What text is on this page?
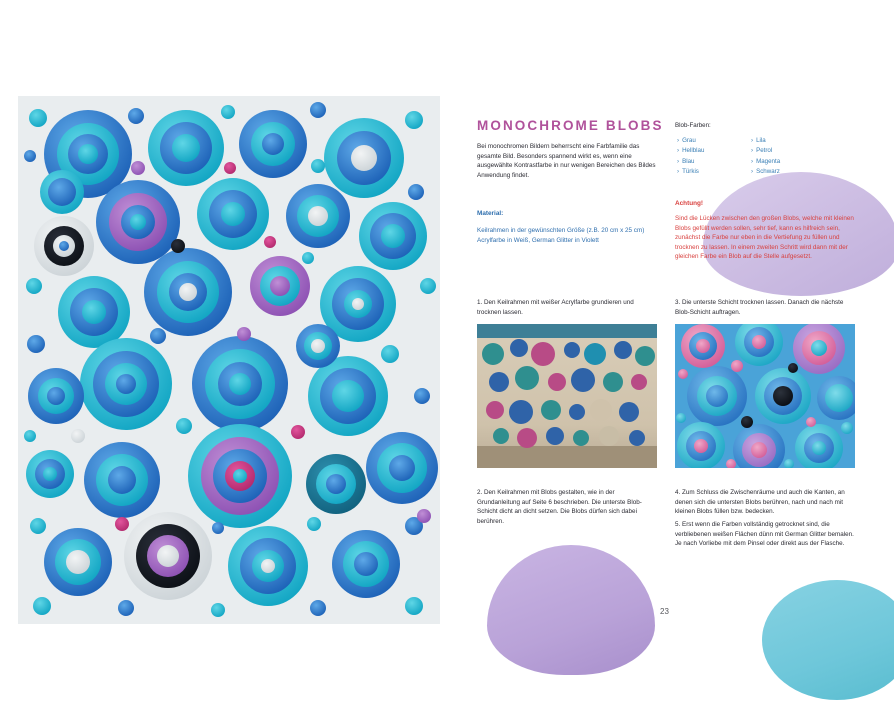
MONOCHROME BLOBS
Bei monochromen Bildern beherrscht eine Farbfamilie das gesamte Bild. Besonders spannend wirkt es, wenn eine ausgewählte Kontrastfarbe in nur wenigen Bereichen des Bildes Anwendung findet.
Blob-Farben:
› Grau
› Hellblau
› Blau
› Türkis
› Lila
› Petrol
› Magenta
› Schwarz
Material:
Keilrahmen in der gewünschten Größe (z.B. 20 cm x 25 cm) Acrylfarbe in Weiß, German Glitter in Violett
Achtung!
Sind die Lücken zwischen den großen Blobs, welche mit kleinen Blobs gefüllt werden sollen, sehr tief, kann es hilfreich sein, zunächst die Farbe nur eben in die Vertiefung zu füllen und trocknen zu lassen. In einem zweiten Schritt wird dann mit der gleichen Farbe ein Blob auf die Stelle aufgesetzt.
1. Den Keilrahmen mit weißer Acrylfarbe grundieren und trocknen lassen.
3. Die unterste Schicht trocknen lassen. Danach die nächste Blob-Schicht auftragen.
2. Den Keilrahmen mit Blobs gestalten, wie in der Grundanleitung auf Seite 6 beschrieben. Die unterste Blob-Schicht dicht an dicht setzen. Die Blobs dürfen sich dabei berühren.
4. Zum Schluss die Zwischenräume und auch die Kanten, an denen sich die untersten Blobs berühren, nach und nach mit kleinen Blobs füllen bzw. bedecken.
5. Erst wenn die Farben vollständig getrocknet sind, die verbliebenen weißen Flächen dünn mit German Glitter bemalen. Je nach Vorliebe mit dem Pinsel oder direkt aus der Flasche.
23
